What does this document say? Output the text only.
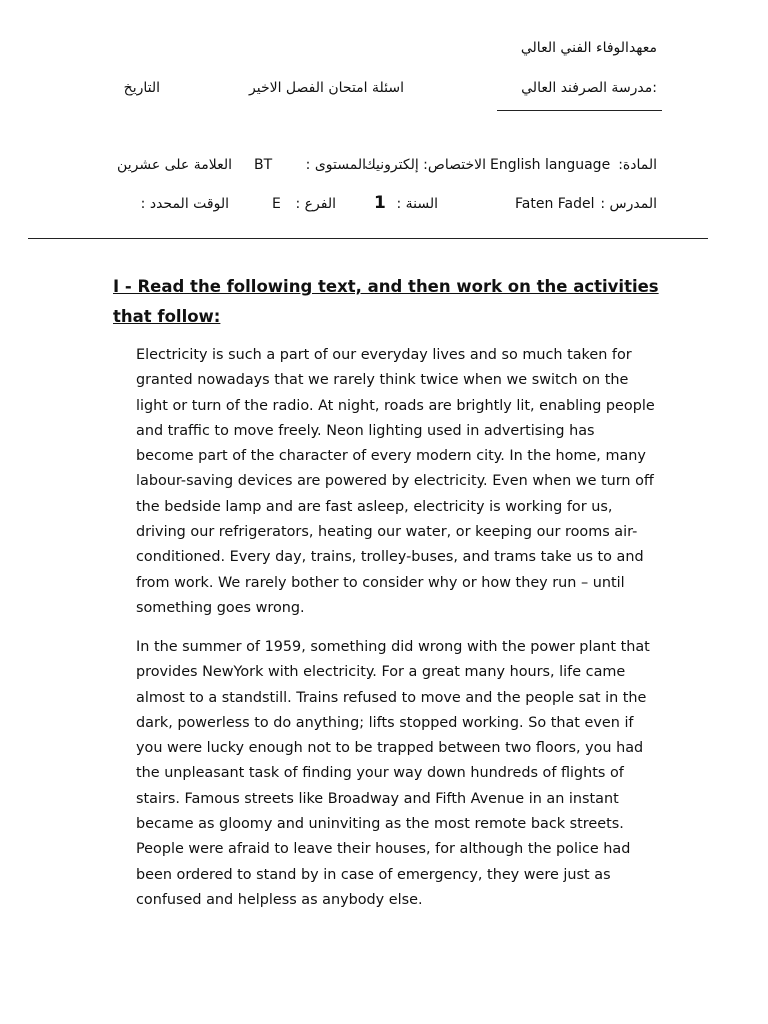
معهدالوفاء الفني العالي
:مدرسة الصرفند العالي
اسئلة امتحان الفصل الاخير
التاريخ
المادة:
English language
الاختصاص: إلكترونيك
المستوى :
BT
العلامة على عشرين
المدرس :
Faten Fadel
السنة :
1
الفرع :
E
الوقت المحدد :
I - Read the following text, and then work on the activities that follow:

Electricity is such a part of our everyday lives and so much taken for granted nowadays that we rarely think twice when we switch on the light or turn of the radio. At night, roads are brightly lit, enabling people and traffic to move freely. Neon lighting used in advertising has become part of the character of every modern city. In the home, many labour-saving devices are powered by electricity. Even when we turn off the bedside lamp and are fast asleep, electricity is working for us, driving our refrigerators, heating our water, or keeping our rooms air-conditioned. Every day, trains, trolley-buses, and trams take us to and from work. We rarely bother to consider why or how they run – until something goes wrong.

In the summer of 1959, something did wrong with the power plant that provides NewYork with electricity. For a great many hours, life came almost to a standstill. Trains refused to move and the people sat in the dark, powerless to do anything; lifts stopped working. So that even if you were lucky enough not to be trapped between two floors, you had the unpleasant task of finding your way down hundreds of flights of stairs. Famous streets like Broadway and Fifth Avenue in an instant became as gloomy and uninviting as the most remote back streets. People were afraid to leave their houses, for although the police had been ordered to stand by in case of emergency, they were just as confused and helpless as anybody else.
